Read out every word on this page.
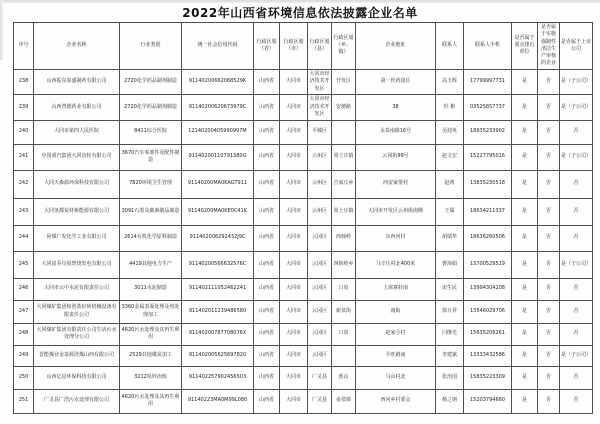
2022年山西省环境信息依法披露企业名单
序号	企业名称	行业类别	统一社会信用代码	行政区划（省）	行政区划（市）	行政区划（县）	行政区划（乡、镇）	企业地址	联系人	联系人手机	是否属于重点排污单位	是否属于实施强制性清洁生产审核的企业	是否属于上市公司
238	山西振东泰盛制药有限公司	2720化学药品制剂制造	91140200662068529K	山西省	大同市	大同市经济技术开发区	开发区	第一医药园区	高玉辉	17799997731	是	否	是（子公司）
239	山西普德药业有限公司	2720化学药品制剂制造	91140200620673979C	山西省	大同市	大同市经济技术开发区	安驰路	38	杜 彬	03525857737	是	否	是（子公司）
240	大同市第四人民医院	8411综合医院	12140200405990997M	山西省	大同市	平城区		永泰南路16号	吴迎英	18935233902	是	否	否
241	中国重汽集团大同齿轮有限公司	3670汽车零部件及配件制造	91140200110791380G	山西省	大同市	云州区	周士庄镇	云冈街99号	赵文宏	15227795016	是	否	是（子公司）
242	大同天森源环保科技有限公司	7820环境卫生管理	91140200MA0KAGT911	山西省	大同市	云州区	吉家庄乡	西安家堡村	赵靖	13835230518	是	否	否
243	大同氢都炭材新能源有限公司	3091石墨及碳素制品制造	91140200MA0KE0C41K	山西省	大同市	云州区	周士庄镇	大同市开发区云州街南侧	王儒	18634211337	是	否	否
244	同煤广发化学工业有限公司	2614有机化学原料制造	911402006292432J9C	山西省	大同市	云冈区	西韩岭	东西河村	胡瑞华	18636260506	是	否	否
245	大同富乔垃圾焚烧发电有限公司	4419其他电力生产	91140200566632576C	山西省	大同市	云冈区	西韩岭乡	马辛庄村北400米	曹海娟	13700529519	是	否	是（子公司）
246	大同市云中水泥有限责任公司	3011水泥制造	911402111052462241	山西省	大同市	云冈区	口泉	上窝寨村南	宋生民	13994304208	是	否	否
247	大同煤矿集团和创蓝矸砖机械设备有限责任公司	3360金属表面处理及热处理加工	911402011239486580	山西省	大同市	云冈区	新泉街	南街	徐万祥	13546029706	是	否	否
248	大同煤矿集团有限责任公司生活污水处理分公司	4620污水处理及其再生利用	91140200787708076X	山西省	大同市	云冈区	口泉	赵家小村	闫继光	15635206261	是	否	否
249	晋能煤业金泰源洗煤山西有限公司	2529其他煤炭加工	911402005625697820	山西省	大同市	云冈区		平旺路南	李建斌	13333432586	是	否	是（子公司）
250	山西亿星环保科技有限公司	3212铅锌冶炼	911402257902456503	山西省	大同市	广灵县	蕉山	马山村北	张治国	15835223309	是	否	否
251	广灵县广浩污水处理有限公司	4620污水处理及其再生利用	91140223MA0M99L080	山西省	大同市	广灵县	壶泉镇	西河乡村委会	杨之朋	15203794660	是	否	否
